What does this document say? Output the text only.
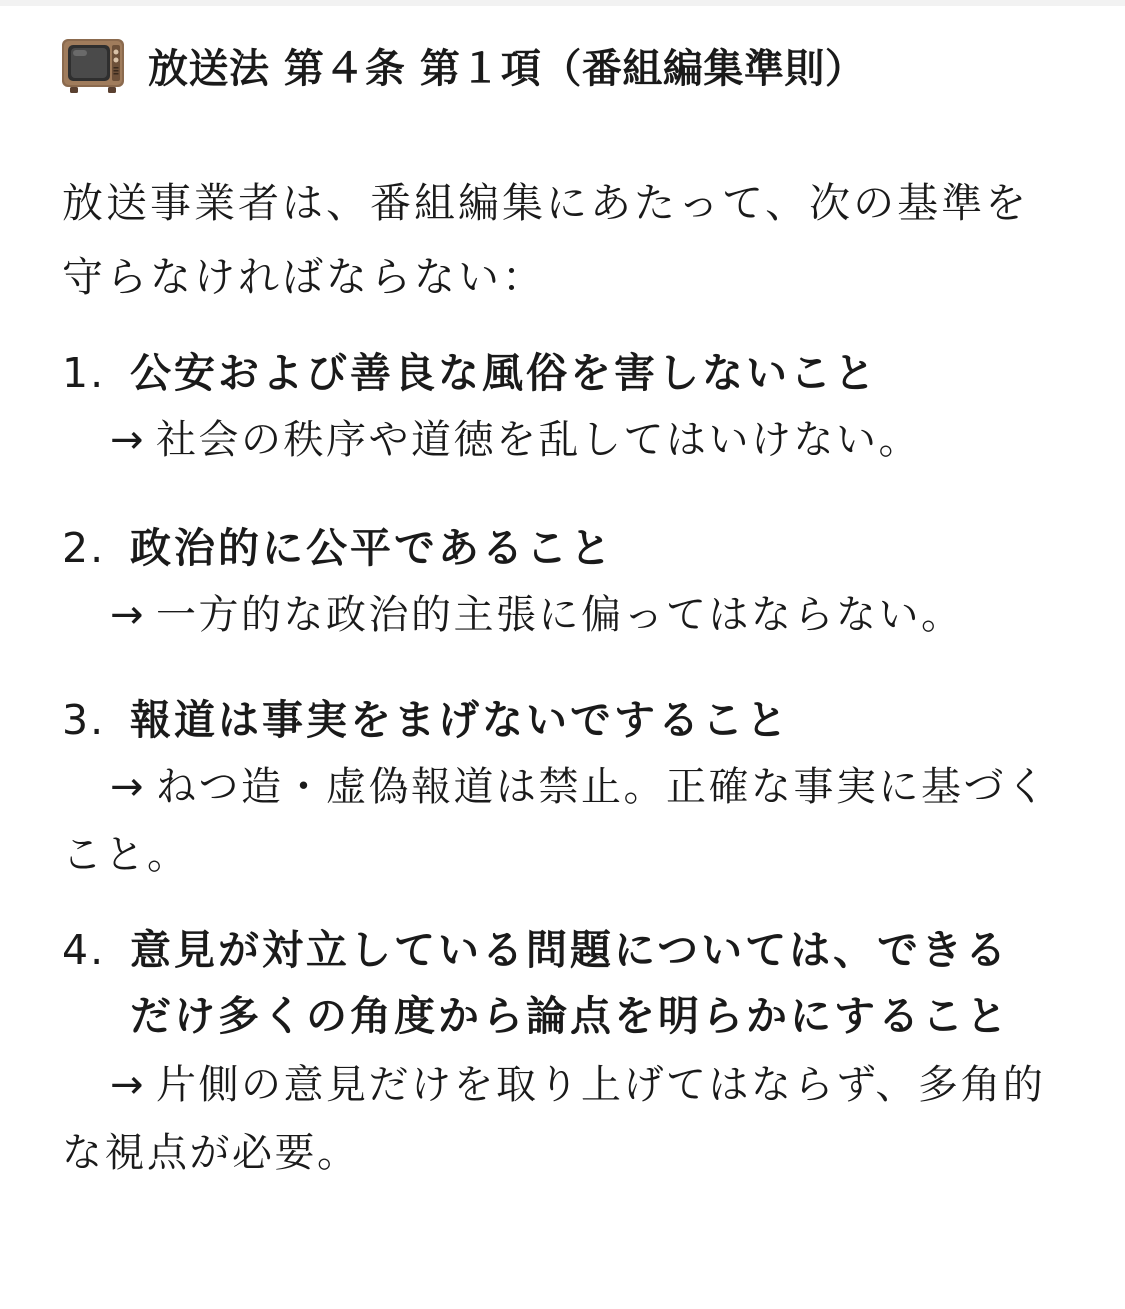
放送法 第４条 第１項（番組編集準則）
放送事業者は、番組編集にあたって、次の基準を守らなければならない：
1. 公安および善良な風俗を害しないこと
→ 社会の秩序や道徳を乱してはいけない。
2. 政治的に公平であること
→ 一方的な政治的主張に偏ってはならない。
3. 報道は事実をまげないですること
→ ねつ造・虚偽報道は禁止。正確な事実に基づくこと。
4. 意見が対立している問題については、できるだけ多くの角度から論点を明らかにすること
→ 片側の意見だけを取り上げてはならず、多角的な視点が必要。
